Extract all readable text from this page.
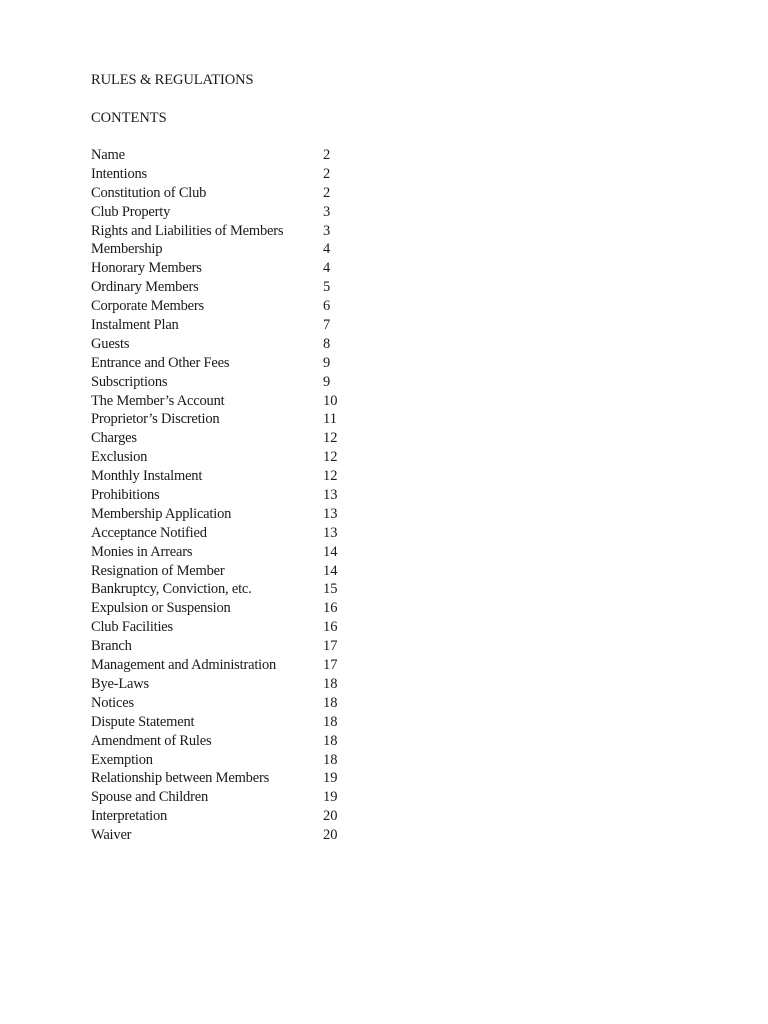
RULES & REGULATIONS
CONTENTS
Name	2
Intentions	2
Constitution of Club	2
Club Property	3
Rights and Liabilities of Members	3
Membership	4
Honorary Members	4
Ordinary Members	5
Corporate Members	6
Instalment Plan	7
Guests	8
Entrance and Other Fees	9
Subscriptions	9
The Member’s Account	10
Proprietor’s Discretion	11
Charges	12
Exclusion	12
Monthly Instalment	12
Prohibitions	13
Membership Application	13
Acceptance Notified	13
Monies in Arrears	14
Resignation of Member	14
Bankruptcy, Conviction, etc.	15
Expulsion or Suspension	16
Club Facilities	16
Branch	17
Management and Administration	17
Bye-Laws	18
Notices	18
Dispute Statement	18
Amendment of Rules	18
Exemption	18
Relationship between Members	19
Spouse and Children	19
Interpretation	20
Waiver	20
